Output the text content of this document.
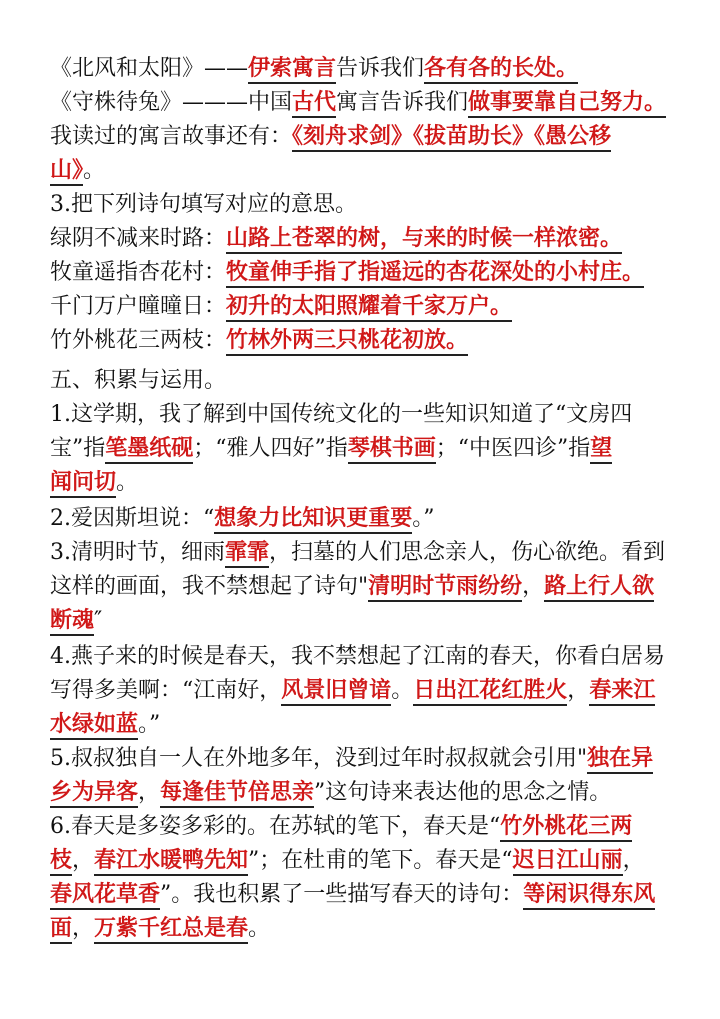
《北风和太阳》——伊索寓言告诉我们各有各的长处。
《守株待兔》———中国古代寓言告诉我们做事要靠自己努力。
我读过的寓言故事还有：《刻舟求剑》《拔苗助长》《愚公移
山》。
3.把下列诗句填写对应的意思。
绿阴不减来时路：山路上苍翠的树，与来的时候一样浓密。
牧童遥指杏花村：牧童伸手指了指遥远的杏花深处的小村庄。
千门万户曈曈日：初升的太阳照耀着千家万户。
竹外桃花三两枝：竹林外两三只桃花初放。
五、积累与运用。
1.这学期，我了解到中国传统文化的一些知识知道了“文房四
宝”指笔墨纸砚；“雅人四好”指琴棋书画；“中医四诊”指望
闻问切。
2.爱因斯坦说：“想象力比知识更重要。”
3.清明时节，细雨霏霏，扫墓的人们思念亲人，伤心欲绝。看到
这样的画面，我不禁想起了诗句"清明时节雨纷纷，路上行人欲
断魂″
4.燕子来的时候是春天，我不禁想起了江南的春天，你看白居易
写得多美啊：“江南好，风景旧曾谙。日出江花红胜火，春来江
水绿如蓝。”
5.叔叔独自一人在外地多年，没到过年时叔叔就会引用"独在异
乡为异客，每逢佳节倍思亲”这句诗来表达他的思念之情。
6.春天是多姿多彩的。在苏轼的笔下，春天是“竹外桃花三两
枝，春江水暖鸭先知”；在杜甫的笔下。春天是“迟日江山丽，
春风花草香”。我也积累了一些描写春天的诗句：等闲识得东风
面，万紫千红总是春。
